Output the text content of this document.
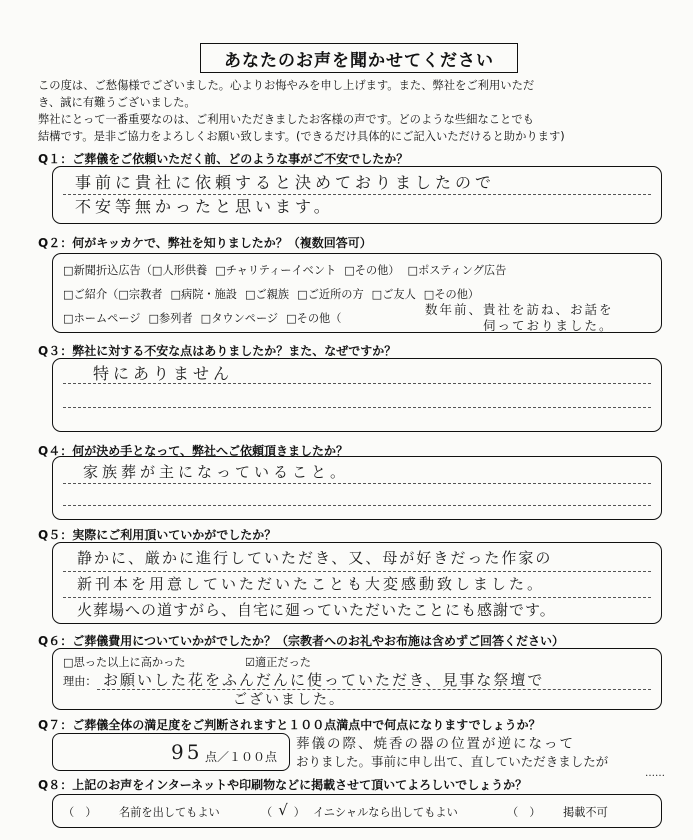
あなたのお声を聞かせてください
この度は、ご愁傷様でございました。心よりお悔やみを申し上げます。また、弊社をご利用いただ
き、誠に有難うございました。
弊社にとって一番重要なのは、ご利用いただきましたお客様の声です。どのような些細なことでも
結構です。是非ご協力をよろしくお願い致します。(できるだけ具体的にご記入いただけると助かります)
Q１：ご葬儀をご依頼いただく前、どのような事がご不安でしたか？
事前に貴社に依頼すると決めておりましたので
不安等無かったと思います。
Q２：何がキッカケで、弊社を知りましたか？（複数回答可）
□新聞折込広告（□人形供養 □チャリティーイベント □その他） □ポスティング広告
□ご紹介（□宗教者 □病院・施設 □ご親族 □ご近所の方 □ご友人 □その他）
□ホームページ □参列者 □タウンページ □その他（
数年前、貴社を訪ね、お話を
伺っておりました。
Q３：弊社に対する不安な点はありましたか？また、なぜですか？
特にありません
Q４：何が決め手となって、弊社へご依頼頂きましたか？
家族葬が主になっていること。
Q５：実際にご利用頂いていかがでしたか？
静かに、厳かに進行していただき、又、母が好きだった作家の
新刊本を用意していただいたことも大変感動致しました。
火葬場への道すがら、自宅に廻っていただいたことにも感謝です。
Q６：ご葬儀費用についていかがでしたか？（宗教者へのお礼やお布施は含めずご回答ください）
□思った以上に高かった	☑適正だった
理由： お願いした花をふんだんに使っていただき、見事な祭壇で
ございました。
Q７：ご葬儀全体の満足度をご判断されますと１００点満点中で何点になりますでしょうか？
95 点／１００点
葬儀の際、焼香の器の位置が逆になって
おりました。事前に申し出て、直していただきましたが
……
Q８：上記のお声をインターネットや印刷物などに掲載させて頂いてよろしいでしょうか？
（　） 名前を出してもよい	（ √ ） イニシャルなら出してもよい	（　） 掲載不可
